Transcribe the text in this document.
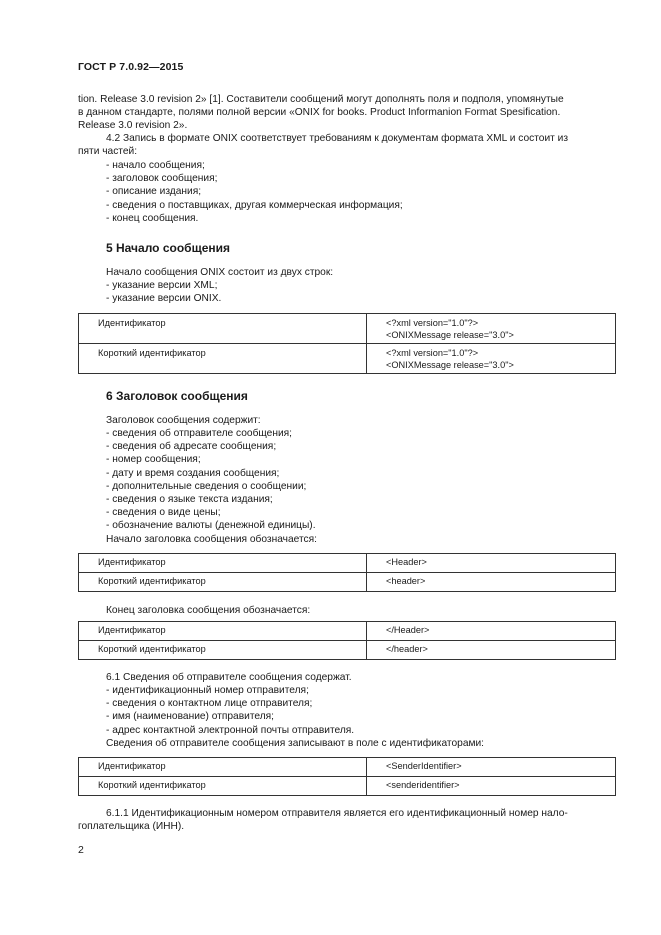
ГОСТ Р 7.0.92—2015
tion. Release 3.0 revision 2» [1]. Составители сообщений могут дополнять поля и подполя, упомянутые
в данном стандарте, полями полной версии «ONIX for books. Product Informanion Format Spesification.
Release 3.0 revision 2».
4.2 Запись в формате ONIX соответствует требованиям к документам формата XML и состоит из
пяти частей:
- начало сообщения;
- заголовок сообщения;
- описание издания;
- сведения о поставщиках, другая коммерческая информация;
- конец сообщения.
5 Начало сообщения
Начало сообщения ONIX состоит из двух строк:
- указание версии XML;
- указание версии ONIX.
Идентификатор	<?xml version="1.0"?>
<ONIXMessage release="3.0">

Короткий идентификатор	<?xml version="1.0"?>
<ONIXMessage release="3.0">
6 Заголовок сообщения
Заголовок сообщения содержит:
- сведения об отправителе сообщения;
- сведения об адресате сообщения;
- номер сообщения;
- дату и время создания сообщения;
- дополнительные сведения о сообщении;
- сведения о языке текста издания;
- сведения о виде цены;
- обозначение валюты (денежной единицы).
Начало заголовка сообщения обозначается:
Идентификатор	<Header>
Короткий идентификатор	<header>
Конец заголовка сообщения обозначается:
Идентификатор	</Header>
Короткий идентификатор	</header>
6.1 Сведения об отправителе сообщения содержат.
- идентификационный номер отправителя;
- сведения о контактном лице отправителя;
- имя (наименование) отправителя;
- адрес контактной электронной почты отправителя.
Сведения об отправителе сообщения записывают в поле с идентификаторами:
Идентификатор	<SenderIdentifier>
Короткий идентификатор	<senderidentifier>
6.1.1 Идентификационным номером отправителя является его идентификационный номер нало-
гоплательщика (ИНН).
2
